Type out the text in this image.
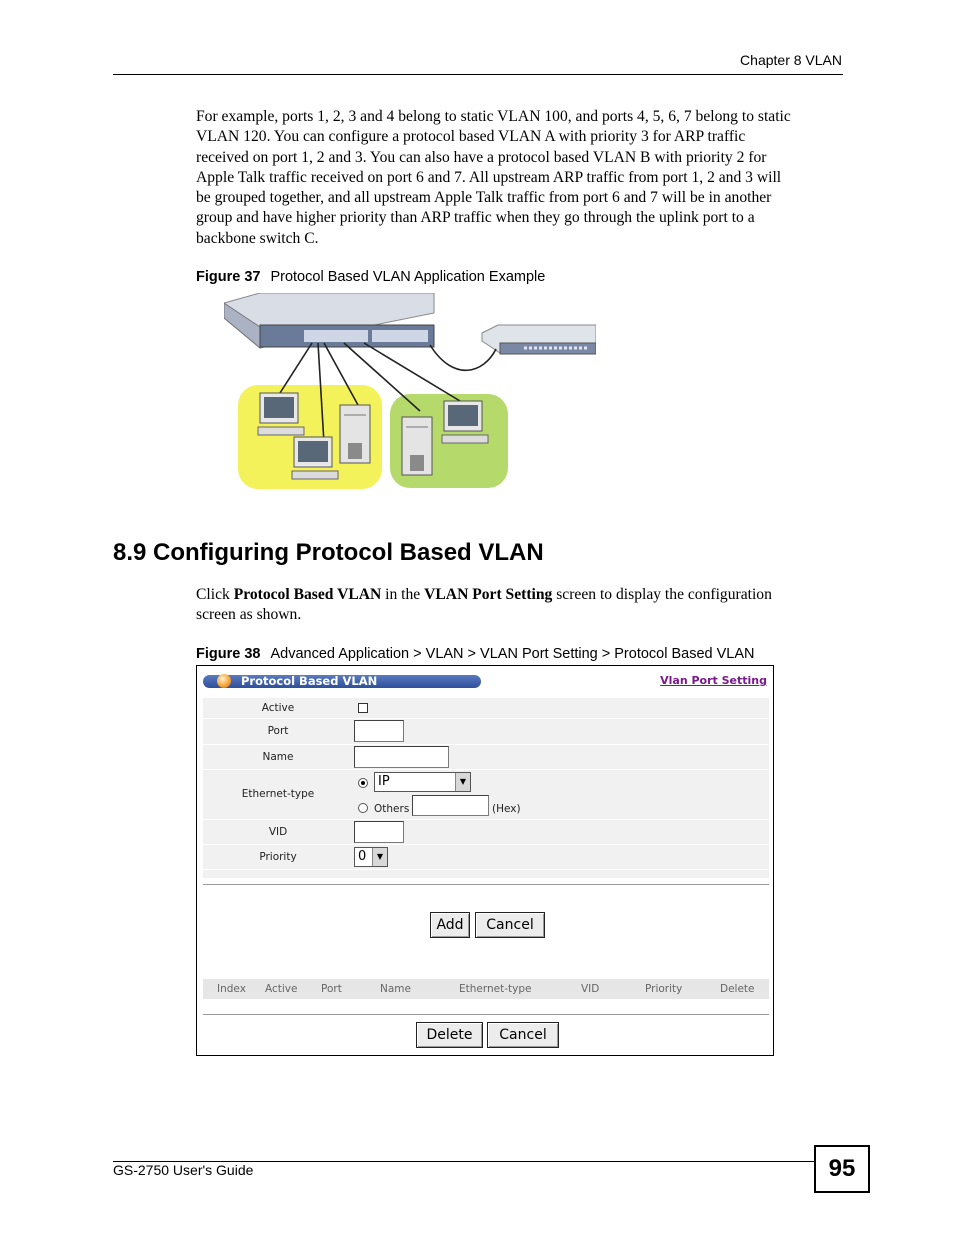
Chapter 8 VLAN
For example, ports 1, 2, 3 and 4 belong to static VLAN 100, and ports 4, 5, 6, 7 belong to static
VLAN 120. You can configure a protocol based VLAN A with priority 3 for ARP traffic
received on port 1, 2 and 3. You can also have a protocol based VLAN B with priority 2 for
Apple Talk traffic received on port 6 and 7. All upstream ARP traffic from port 1, 2 and 3 will
be grouped together, and all upstream Apple Talk traffic from port 6 and 7 will be in another
group and have higher priority than ARP traffic when they go through the uplink port to a
backbone switch C.
Figure 37 Protocol Based VLAN Application Example
8.9 Configuring Protocol Based VLAN
Click Protocol Based VLAN in the VLAN Port Setting screen to display the configuration
screen as shown.
Figure 38 Advanced Application > VLAN > VLAN Port Setting > Protocol Based VLAN
Protocol Based VLAN	Vlan Port Setting
Active
Port
Name
Ethernet-type
IP	▼
Others	(Hex)
VID
Priority	0	▼
Add	Cancel
Index Active Port	Name	Ethernet-type	VID	Priority	Delete
Delete	Cancel
GS-2750 User's Guide	95
